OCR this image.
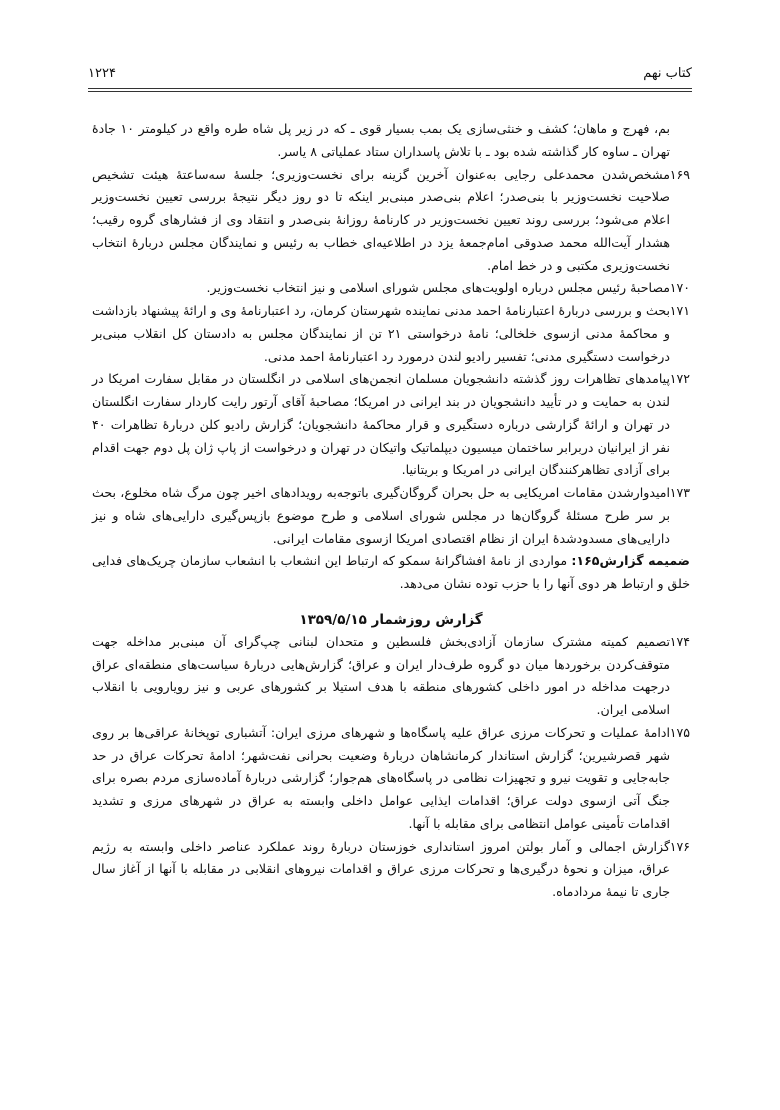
کتاب نهم
۱۲۲۴
بم، فهرج و ماهان؛ کشف و خنثی‌سازی یک بمب بسیار قوی ـ که در زیر پل شاه طره واقع در کیلومتر ۱۰ جادهٔ تهران ـ ساوه کار گذاشته شده بود ـ با تلاش پاسداران ستاد عملیاتی ۸ یاسر.
۱۶۹
مشخص‌شدن محمدعلی رجایی به‌عنوان آخرین گزینه برای نخست‌وزیری؛ جلسهٔ سه‌ساعتهٔ هیئت تشخیص صلاحیت نخست‌وزیر با بنی‌صدر؛ اعلام بنی‌صدر مبنی‌بر اینکه تا دو روز دیگر نتیجهٔ بررسی تعیین نخست‌وزیر اعلام می‌شود؛ بررسی روند تعیین نخست‌وزیر در کارنامهٔ روزانهٔ بنی‌صدر و انتقاد وی از فشارهای گروه رقیب؛ هشدار آیت‌الله محمد صدوقی امام‌جمعهٔ یزد در اطلاعیه‌ای خطاب به رئیس و نمایندگان مجلس دربارهٔ انتخاب نخست‌وزیری مکتبی و در خط امام.
۱۷۰
مصاحبهٔ رئیس مجلس درباره اولویت‌های مجلس شورای اسلامی و نیز انتخاب نخست‌وزیر.
۱۷۱
بحث و بررسی دربارهٔ اعتبارنامهٔ احمد مدنی نماینده شهرستان کرمان، رد اعتبارنامهٔ وی و ارائهٔ پیشنهاد بازداشت و محاکمهٔ مدنی ازسوی خلخالی؛ نامهٔ درخواستی ۲۱ تن از نمایندگان مجلس به دادستان کل انقلاب مبنی‌بر درخواست دستگیری مدنی؛ تفسیر رادیو لندن درمورد رد اعتبارنامهٔ احمد مدنی.
۱۷۲
پیامدهای تظاهرات روز گذشته دانشجویان مسلمان انجمن‌های اسلامی در انگلستان در مقابل سفارت امریکا در لندن به حمایت و در تأیید دانشجویان در بند ایرانی در امریکا؛ مصاحبهٔ آقای آرتور رایت کاردار سفارت انگلستان در تهران و ارائهٔ گزارشی درباره دستگیری و قرار محاکمهٔ دانشجویان؛ گزارش رادیو کلن دربارهٔ تظاهرات ۴۰ نفر از ایرانیان دربرابر ساختمان میسیون دیپلماتیک واتیکان در تهران و درخواست از پاپ ژان پل دوم جهت اقدام برای آزادی تظاهرکنندگان ایرانی در امریکا و بریتانیا.
۱۷۳
امیدوارشدن مقامات امریکایی به حل بحران گروگان‌گیری باتوجه‌به رویدادهای اخیر چون مرگ شاه مخلوع، بحث بر سر طرح مسئلهٔ گروگان‌ها در مجلس شورای اسلامی و طرح موضوع بازپس‌گیری دارایی‌های شاه و نیز دارایی‌های مسدودشدهٔ ایران از نظام اقتصادی امریکا ازسوی مقامات ایرانی.
ضمیمه گزارش۱۶۵: مواردی از نامهٔ افشاگرانهٔ سمکو که ارتباط این انشعاب با انشعاب سازمان چریک‌های فدایی خلق و ارتباط هر دوی آنها را با حزب توده نشان می‌دهد.
گزارش روزشمار ۱۳۵۹/۵/۱۵
۱۷۴
تصمیم کمیته مشترک سازمان آزادی‌بخش فلسطین و متحدان لبنانی چپ‌گرای آن مبنی‌بر مداخله جهت متوقف‌کردن برخوردها میان دو گروه طرف‌دار ایران و عراق؛ گزارش‌هایی دربارهٔ سیاست‌های منطقه‌ای عراق درجهت مداخله در امور داخلی کشورهای منطقه با هدف استیلا بر کشورهای عربی و نیز رویارویی با انقلاب اسلامی ایران.
۱۷۵
ادامهٔ عملیات و تحرکات مرزی عراق علیه پاسگاه‌ها و شهرهای مرزی ایران: آتشباری توپخانهٔ عراقی‌ها بر روی شهر قصرشیرین؛ گزارش استاندار کرمانشاهان دربارهٔ وضعیت بحرانی نفت‌شهر؛ ادامهٔ تحرکات عراق در حد جابه‌جایی و تقویت نیرو و تجهیزات نظامی در پاسگاه‌های هم‌جوار؛ گزارشی دربارهٔ آماده‌سازی مردم بصره برای جنگ آتی ازسوی دولت عراق؛ اقدامات ایذایی عوامل داخلی وابسته به عراق در شهرهای مرزی و تشدید اقدامات تأمینی عوامل انتظامی برای مقابله با آنها.
۱۷۶
گزارش اجمالی و آمار بولتن امروز استانداری خوزستان دربارهٔ روند عملکرد عناصر داخلی وابسته به رژیم عراق، میزان و نحوهٔ درگیری‌ها و تحرکات مرزی عراق و اقدامات نیروهای انقلابی در مقابله با آنها از آغاز سال جاری تا نیمهٔ مردادماه.
